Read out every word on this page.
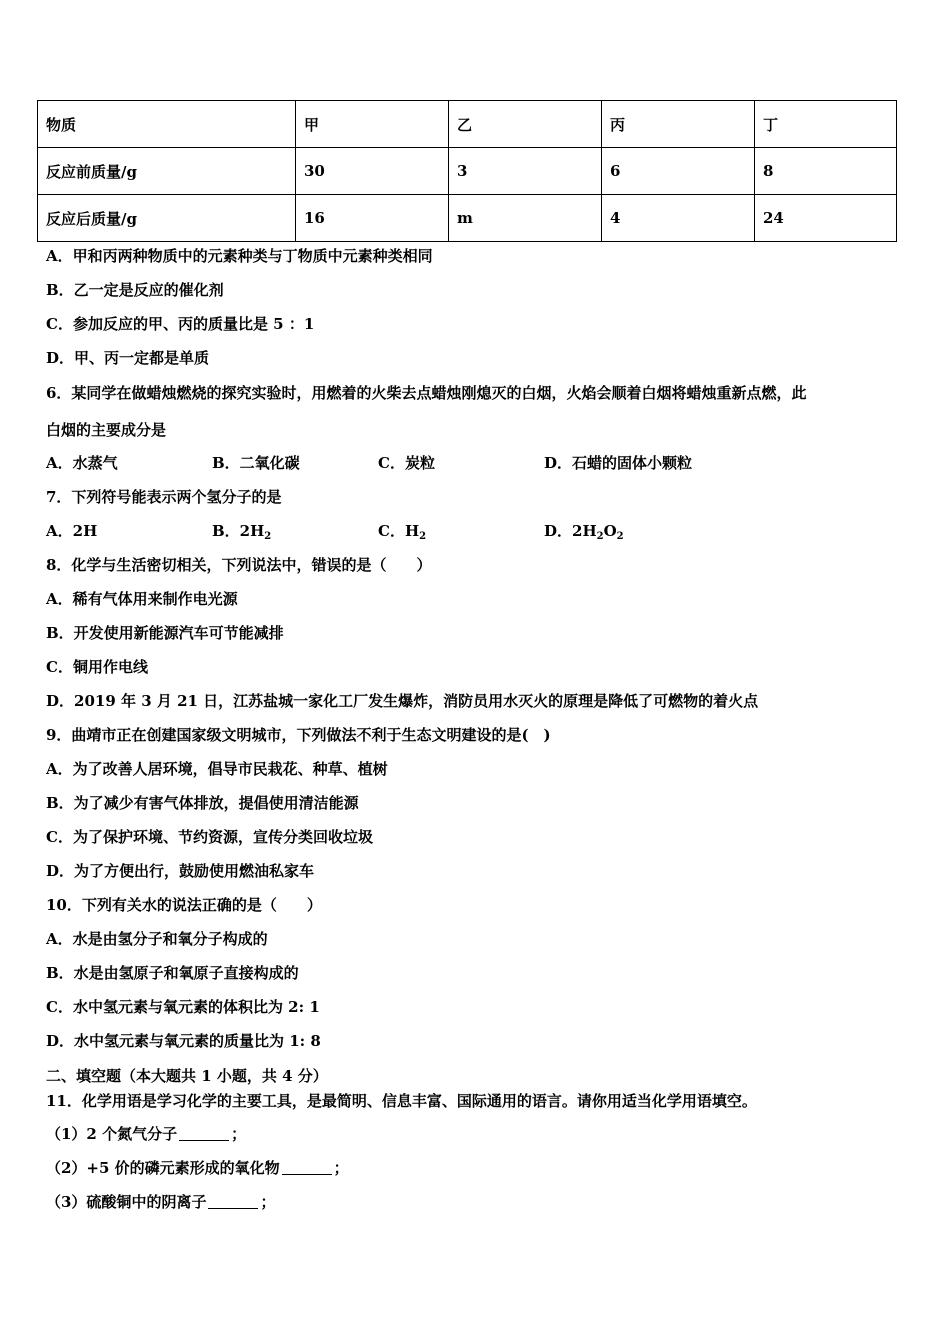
物质	甲	乙	丙	丁
反应前质量/g	30	3	6	8
反应后质量/g	16	m	4	24
A．甲和丙两种物质中的元素种类与丁物质中元素种类相同
B．乙一定是反应的催化剂
C．参加反应的甲、丙的质量比是 5 ：1
D．甲、丙一定都是单质
6．某同学在做蜡烛燃烧的探究实验时，用燃着的火柴去点蜡烛刚熄灭的白烟，火焰会顺着白烟将蜡烛重新点燃，此
白烟的主要成分是
A．水蒸气	B．二氧化碳	C．炭粒	D．石蜡的固体小颗粒
7．下列符号能表示两个氢分子的是
A．2H	B．$2H_2$	C．$H_2$	D．$2H_2O_2$
8．化学与生活密切相关，下列说法中，错误的是（　　）
A．稀有气体用来制作电光源
B．开发使用新能源汽车可节能减排
C．铜用作电线
D．2019 年 3 月 21 日，江苏盐城一家化工厂发生爆炸，消防员用水灭火的原理是降低了可燃物的着火点
9．曲靖市正在创建国家级文明城市，下列做法不利于生态文明建设的是(　)
A．为了改善人居环境，倡导市民栽花、种草、植树
B．为了减少有害气体排放，提倡使用清洁能源
C．为了保护环境、节约资源，宣传分类回收垃圾
D．为了方便出行，鼓励使用燃油私家车
10．下列有关水的说法正确的是（　　）
A．水是由氢分子和氧分子构成的
B．水是由氢原子和氧原子直接构成的
C．水中氢元素与氧元素的体积比为 2: 1
D．水中氢元素与氧元素的质量比为 1: 8
二、填空题（本大题共 1 小题，共 4 分）
11．化学用语是学习化学的主要工具，是最简明、信息丰富、国际通用的语言。请你用适当化学用语填空。
（1）2 个氮气分子	；
（2）+5 价的磷元素形成的氧化物	；
（3）硫酸铜中的阴离子	；
